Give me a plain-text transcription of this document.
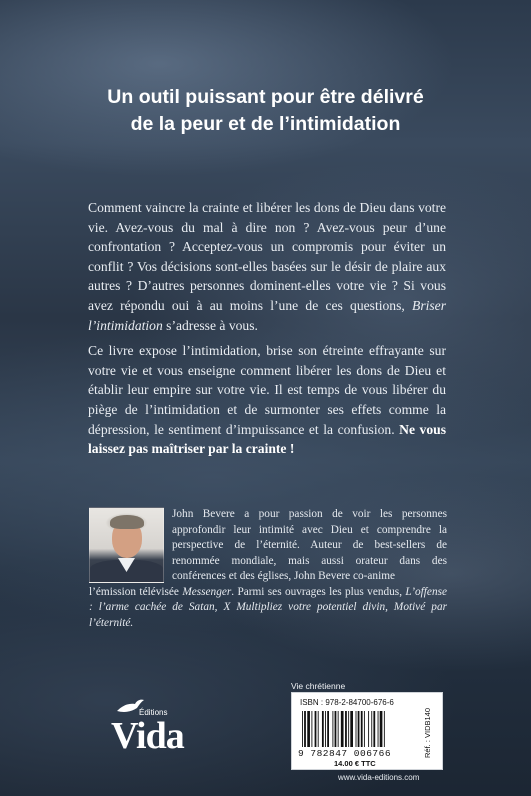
Un outil puissant pour être délivré
de la peur et de l’intimidation

Comment vaincre la crainte et libérer les dons de Dieu dans votre vie. Avez-vous du mal à dire non ? Avez-vous peur d’une confrontation ? Acceptez-vous un compromis pour éviter un conflit ? Vos décisions sont-elles basées sur le désir de plaire aux autres ? D’autres personnes dominent-elles votre vie ? Si vous avez répondu oui à au moins l’une de ces questions, Briser l’intimidation s’adresse à vous.

Ce livre expose l’intimidation, brise son étreinte effrayante sur votre vie et vous enseigne comment libérer les dons de Dieu et établir leur empire sur votre vie. Il est temps de vous libérer du piège de l’intimidation et de surmonter ses effets comme la dépression, le sentiment d’impuissance et la confusion. Ne vous laissez pas maîtriser par la crainte !

John Bevere a pour passion de voir les personnes approfondir leur intimité avec Dieu et comprendre la perspective de l’éternité. Auteur de best-sellers de renommée mondiale, mais aussi orateur dans des conférences et des églises, John Bevere co-anime
l’émission télévisée Messenger. Parmi ses ouvrages les plus vendus, L’offense : l’arme cachée de Satan, X Multipliez votre potentiel divin, Motivé par l’éternité.
Éditions
Vida
Vie chrétienne
ISBN : 978-2-84700-676-6
9 782847 006766
14.00 € TTC
Réf. : VIDB140
www.vida-editions.com
